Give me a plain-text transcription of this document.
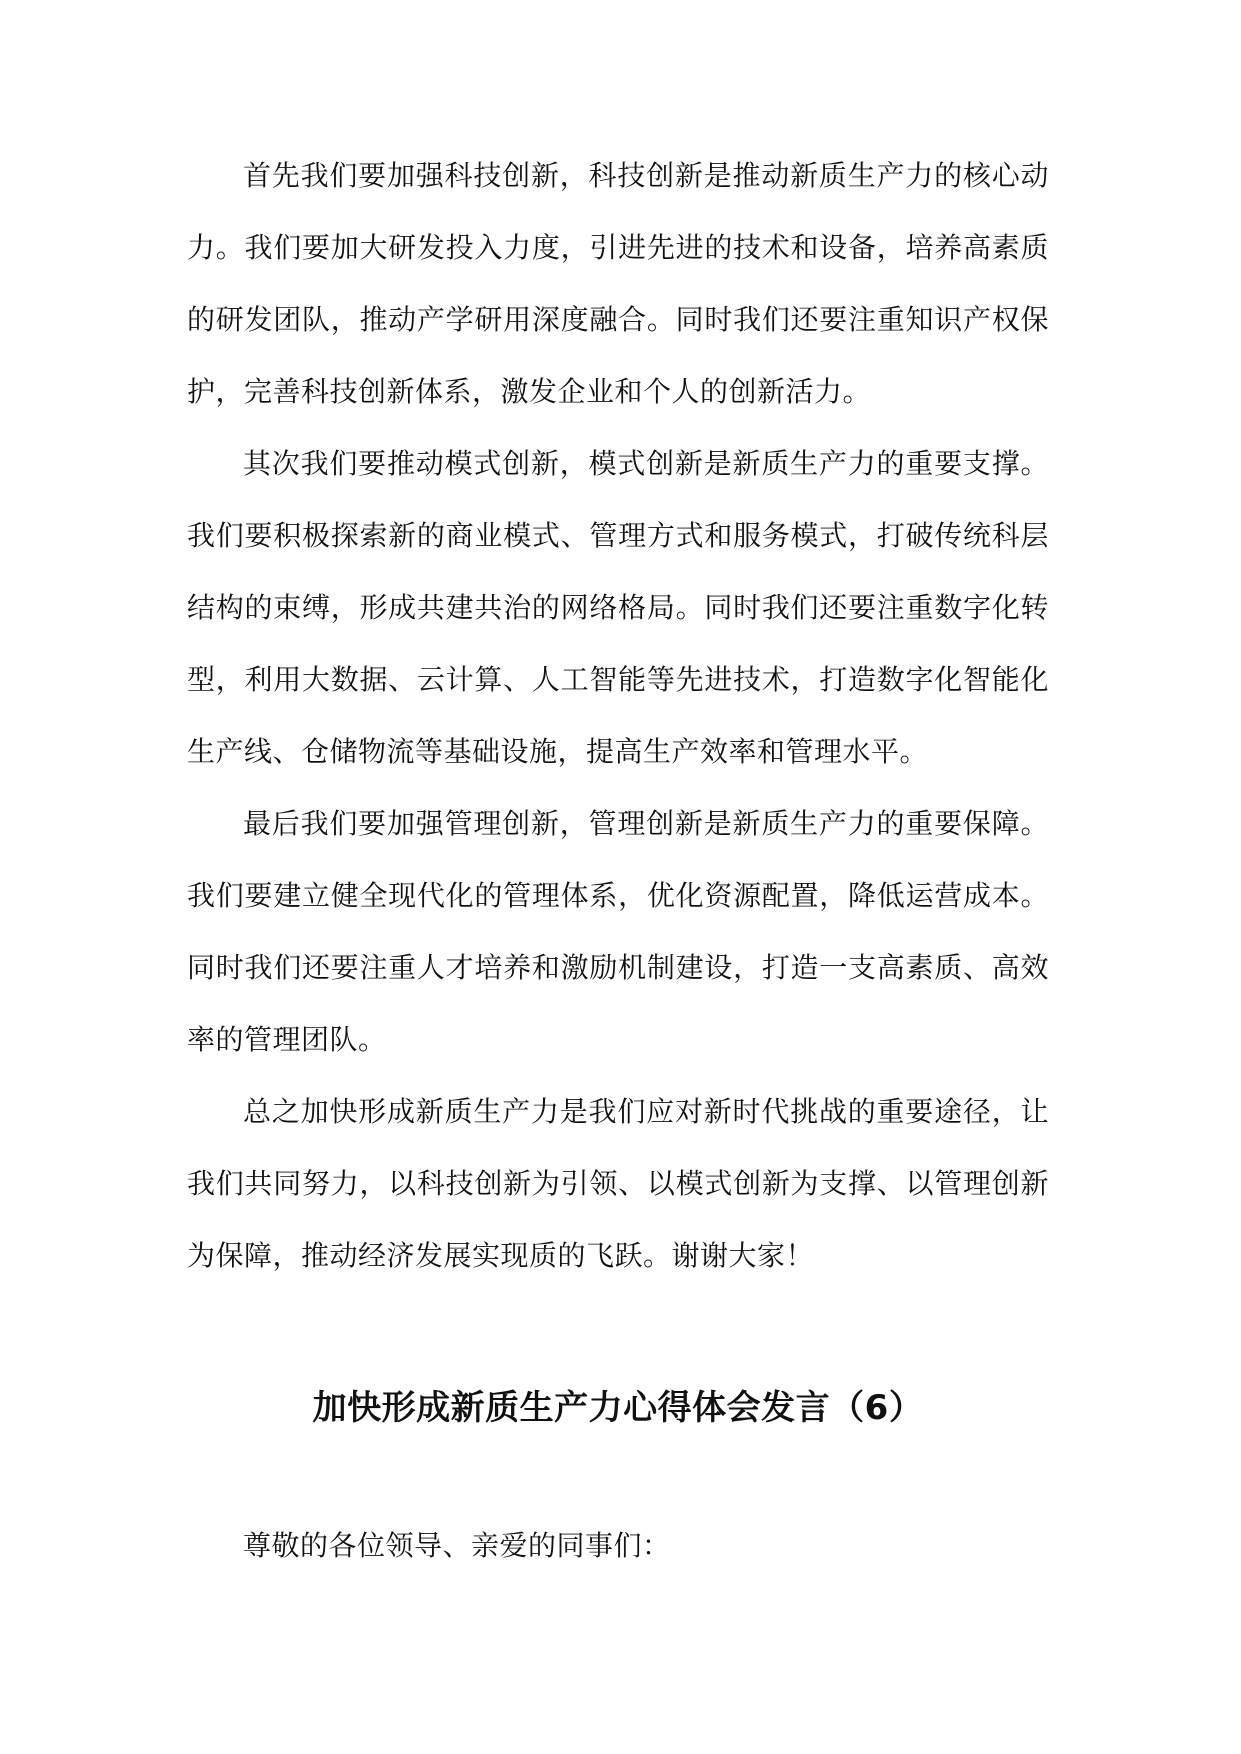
首先我们要加强科技创新，科技创新是推动新质生产力的核心动力。我们要加大研发投入力度，引进先进的技术和设备，培养高素质的研发团队，推动产学研用深度融合。同时我们还要注重知识产权保护，完善科技创新体系，激发企业和个人的创新活力。

其次我们要推动模式创新，模式创新是新质生产力的重要支撑。我们要积极探索新的商业模式、管理方式和服务模式，打破传统科层结构的束缚，形成共建共治的网络格局。同时我们还要注重数字化转型，利用大数据、云计算、人工智能等先进技术，打造数字化智能化生产线、仓储物流等基础设施，提高生产效率和管理水平。

最后我们要加强管理创新，管理创新是新质生产力的重要保障。我们要建立健全现代化的管理体系，优化资源配置，降低运营成本。同时我们还要注重人才培养和激励机制建设，打造一支高素质、高效率的管理团队。

总之加快形成新质生产力是我们应对新时代挑战的重要途径，让我们共同努力，以科技创新为引领、以模式创新为支撑、以管理创新为保障，推动经济发展实现质的飞跃。谢谢大家！

加快形成新质生产力心得体会发言（6）

尊敬的各位领导、亲爱的同事们：
